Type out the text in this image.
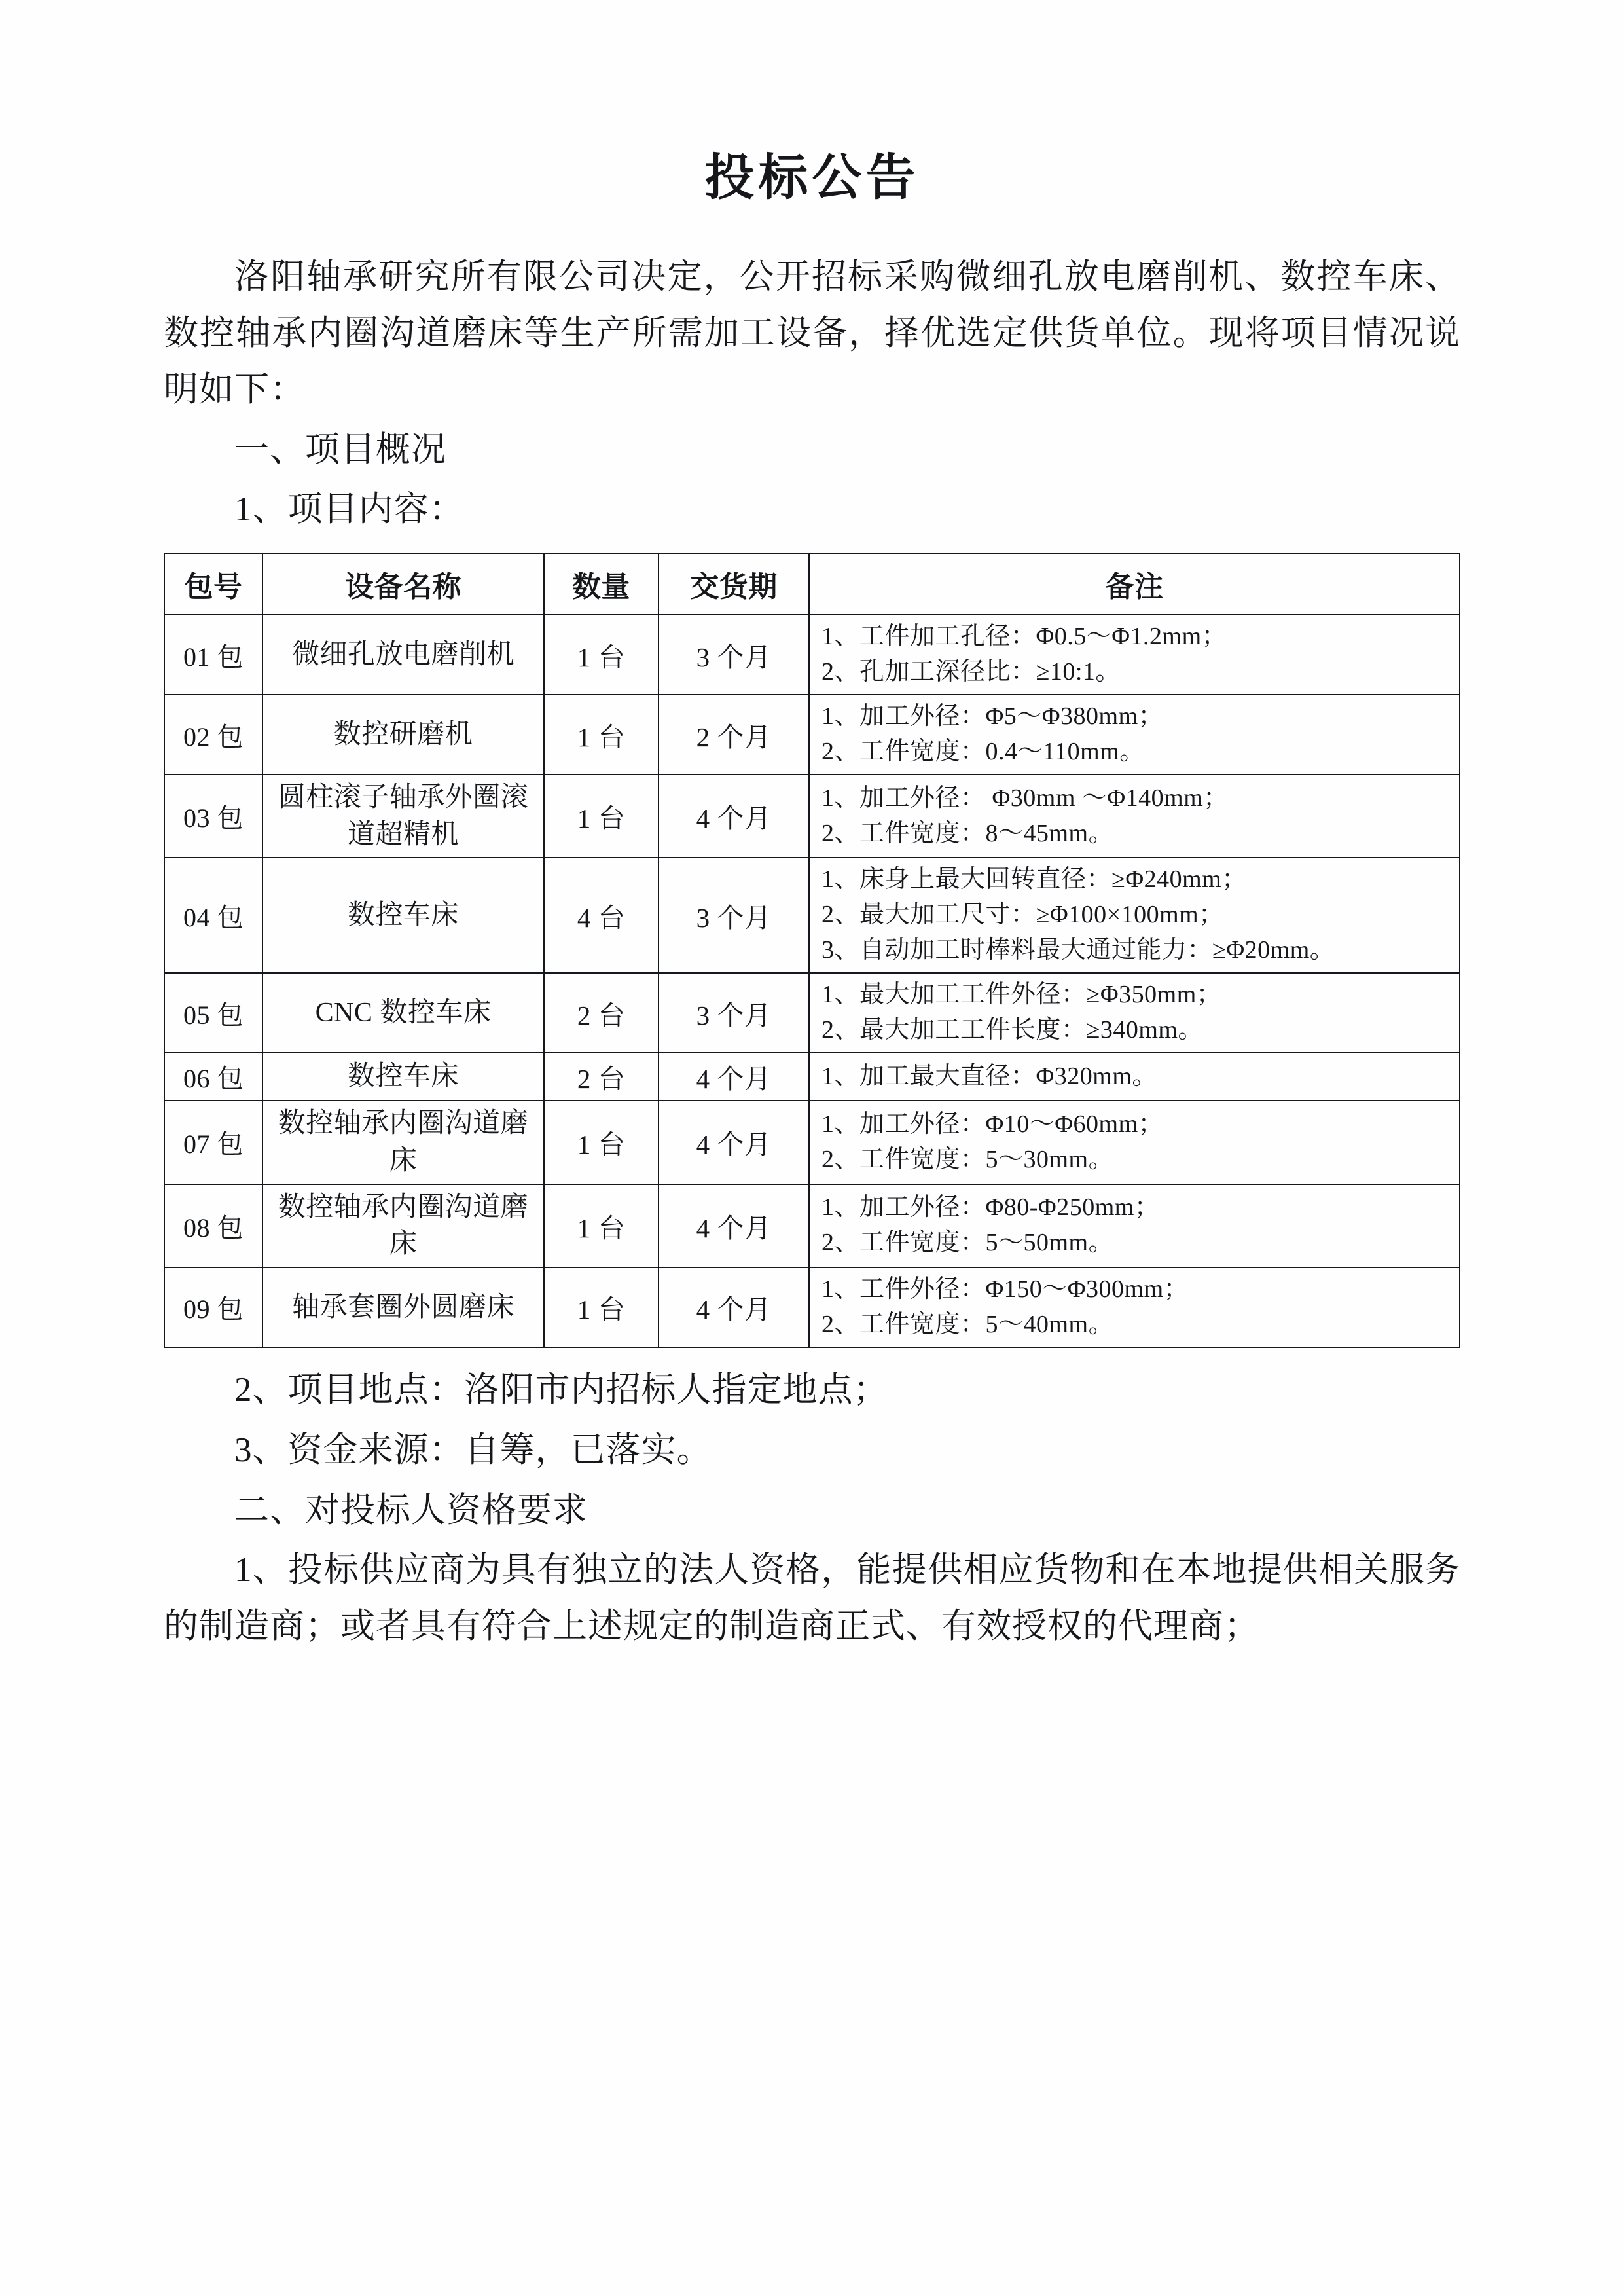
投标公告

洛阳轴承研究所有限公司决定，公开招标采购微细孔放电磨削机、数控车床、数控轴承内圈沟道磨床等生产所需加工设备，择优选定供货单位。现将项目情况说明如下：

一、项目概况

1、项目内容：

包号	设备名称	数量	交货期	备注
01 包	微细孔放电磨削机	1 台	3 个月	1、工件加工孔径：Φ0.5～Φ1.2mm；
2、孔加工深径比：≥10:1。

02 包	数控研磨机	1 台	2 个月	1、加工外径：Φ5～Φ380mm；
2、工件宽度：0.4～110mm。

03 包	圆柱滚子轴承外圈滚道超精机	1 台	4 个月	1、加工外径： Φ30mm ～Φ140mm；
2、工件宽度：8～45mm。

04 包	数控车床	4 台	3 个月	1、床身上最大回转直径：≥Φ240mm；
2、最大加工尺寸：≥Φ100×100mm；
3、自动加工时棒料最大通过能力：≥Φ20mm。

05 包	CNC 数控车床	2 台	3 个月	1、最大加工工件外径：≥Φ350mm；
2、最大加工工件长度：≥340mm。

06 包	数控车床	2 台	4 个月	1、加工最大直径：Φ320mm。

07 包	数控轴承内圈沟道磨床	1 台	4 个月	1、加工外径：Φ10～Φ60mm；
2、工件宽度：5～30mm。

08 包	数控轴承内圈沟道磨床	1 台	4 个月	1、加工外径：Φ80-Φ250mm；
2、工件宽度：5～50mm。

09 包	轴承套圈外圆磨床	1 台	4 个月	1、工件外径：Φ150～Φ300mm；
2、工件宽度：5～40mm。

2、项目地点：洛阳市内招标人指定地点；

3、资金来源：自筹，已落实。

二、对投标人资格要求

1、投标供应商为具有独立的法人资格，能提供相应货物和在本地提供相关服务的制造商；或者具有符合上述规定的制造商正式、有效授权的代理商；
